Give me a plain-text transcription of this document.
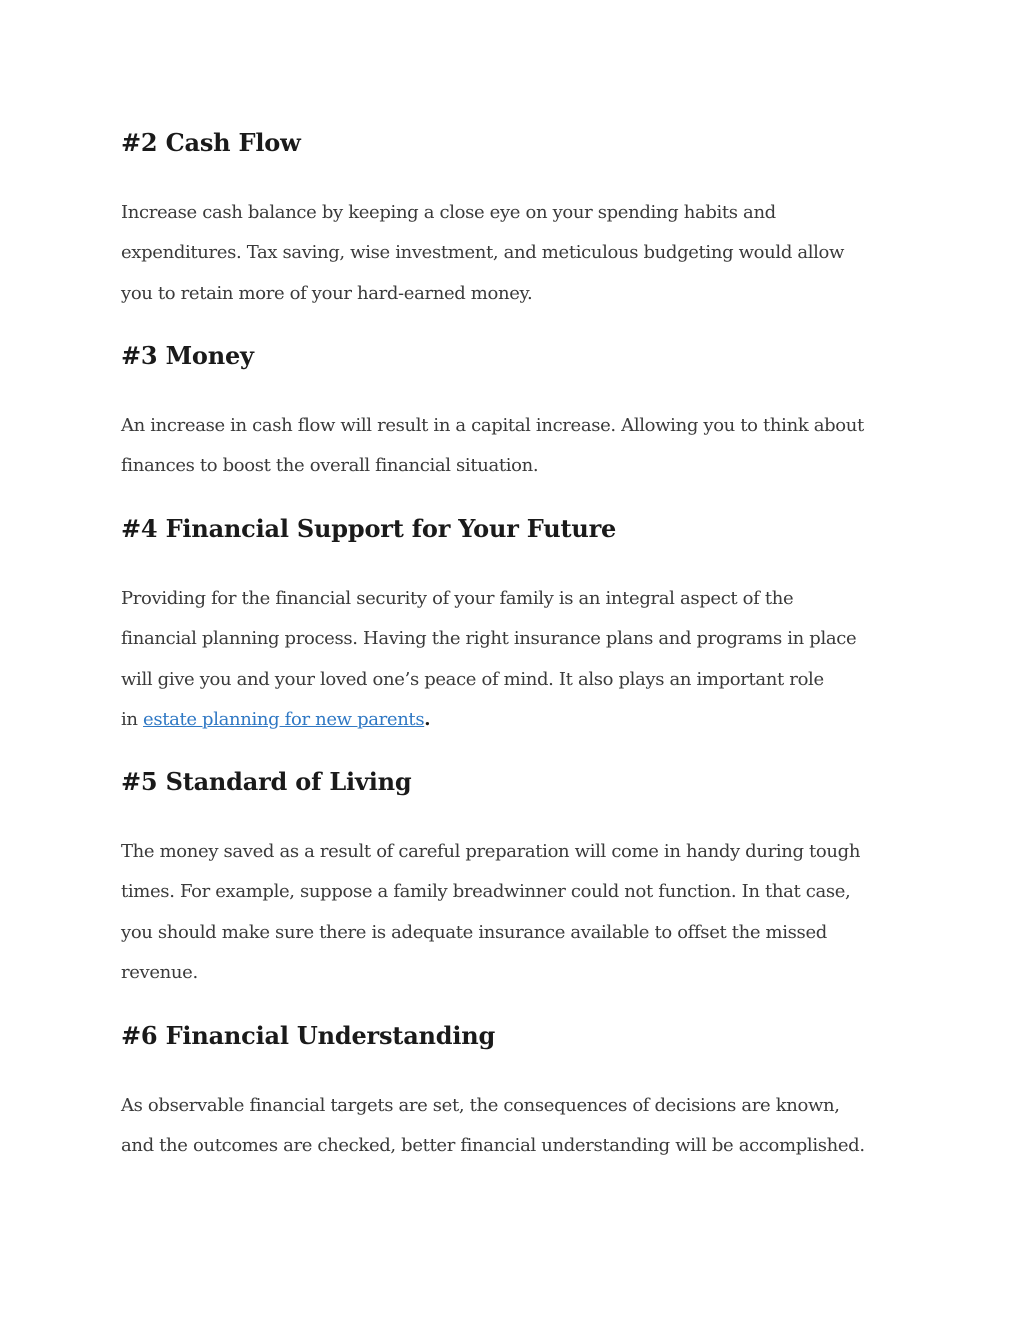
#2 Cash Flow

Increase cash balance by keeping a close eye on your spending habits and
expenditures. Tax saving, wise investment, and meticulous budgeting would allow
you to retain more of your hard-earned money.

#3 Money

An increase in cash flow will result in a capital increase. Allowing you to think about
finances to boost the overall financial situation.

#4 Financial Support for Your Future

Providing for the financial security of your family is an integral aspect of the
financial planning process. Having the right insurance plans and programs in place
will give you and your loved one’s peace of mind. It also plays an important role
in estate planning for new parents.

#5 Standard of Living

The money saved as a result of careful preparation will come in handy during tough
times. For example, suppose a family breadwinner could not function. In that case,
you should make sure there is adequate insurance available to offset the missed
revenue.

#6 Financial Understanding

As observable financial targets are set, the consequences of decisions are known,
and the outcomes are checked, better financial understanding will be accomplished.
